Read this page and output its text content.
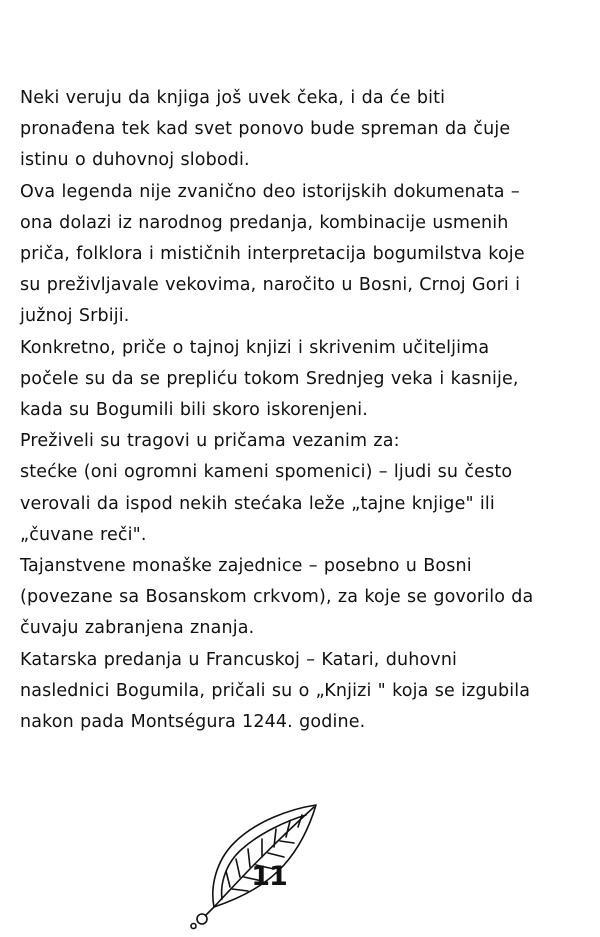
Neki veruju da knjiga još uvek čeka, i da će biti

pronađena tek kad svet ponovo bude spreman da čuje

istinu o duhovnoj slobodi.

Ova legenda nije zvanično deo istorijskih dokumenata –

ona dolazi iz narodnog predanja, kombinacije usmenih

priča, folklora i mističnih interpretacija bogumilstva koje

su preživljavale vekovima, naročito u Bosni, Crnoj Gori i

južnoj Srbiji.

Konkretno, priče o tajnoj knjizi i skrivenim učiteljima

počele su da se prepliću tokom Srednjeg veka i kasnije,

kada su Bogumili bili skoro iskorenjeni.

Preživeli su tragovi u pričama vezanim za:

stećke (oni ogromni kameni spomenici) – ljudi su često

verovali da ispod nekih stećaka leže „tajne knjige" ili

„čuvane reči".

Tajanstvene monaške zajednice – posebno u Bosni

(povezane sa Bosanskom crkvom), za koje se govorilo da

čuvaju zabranjena znanja.

Katarska predanja u Francuskoj – Katari, duhovni

naslednici Bogumila, pričali su o „Knjizi " koja se izgubila

nakon pada Montségura 1244. godine.

11
